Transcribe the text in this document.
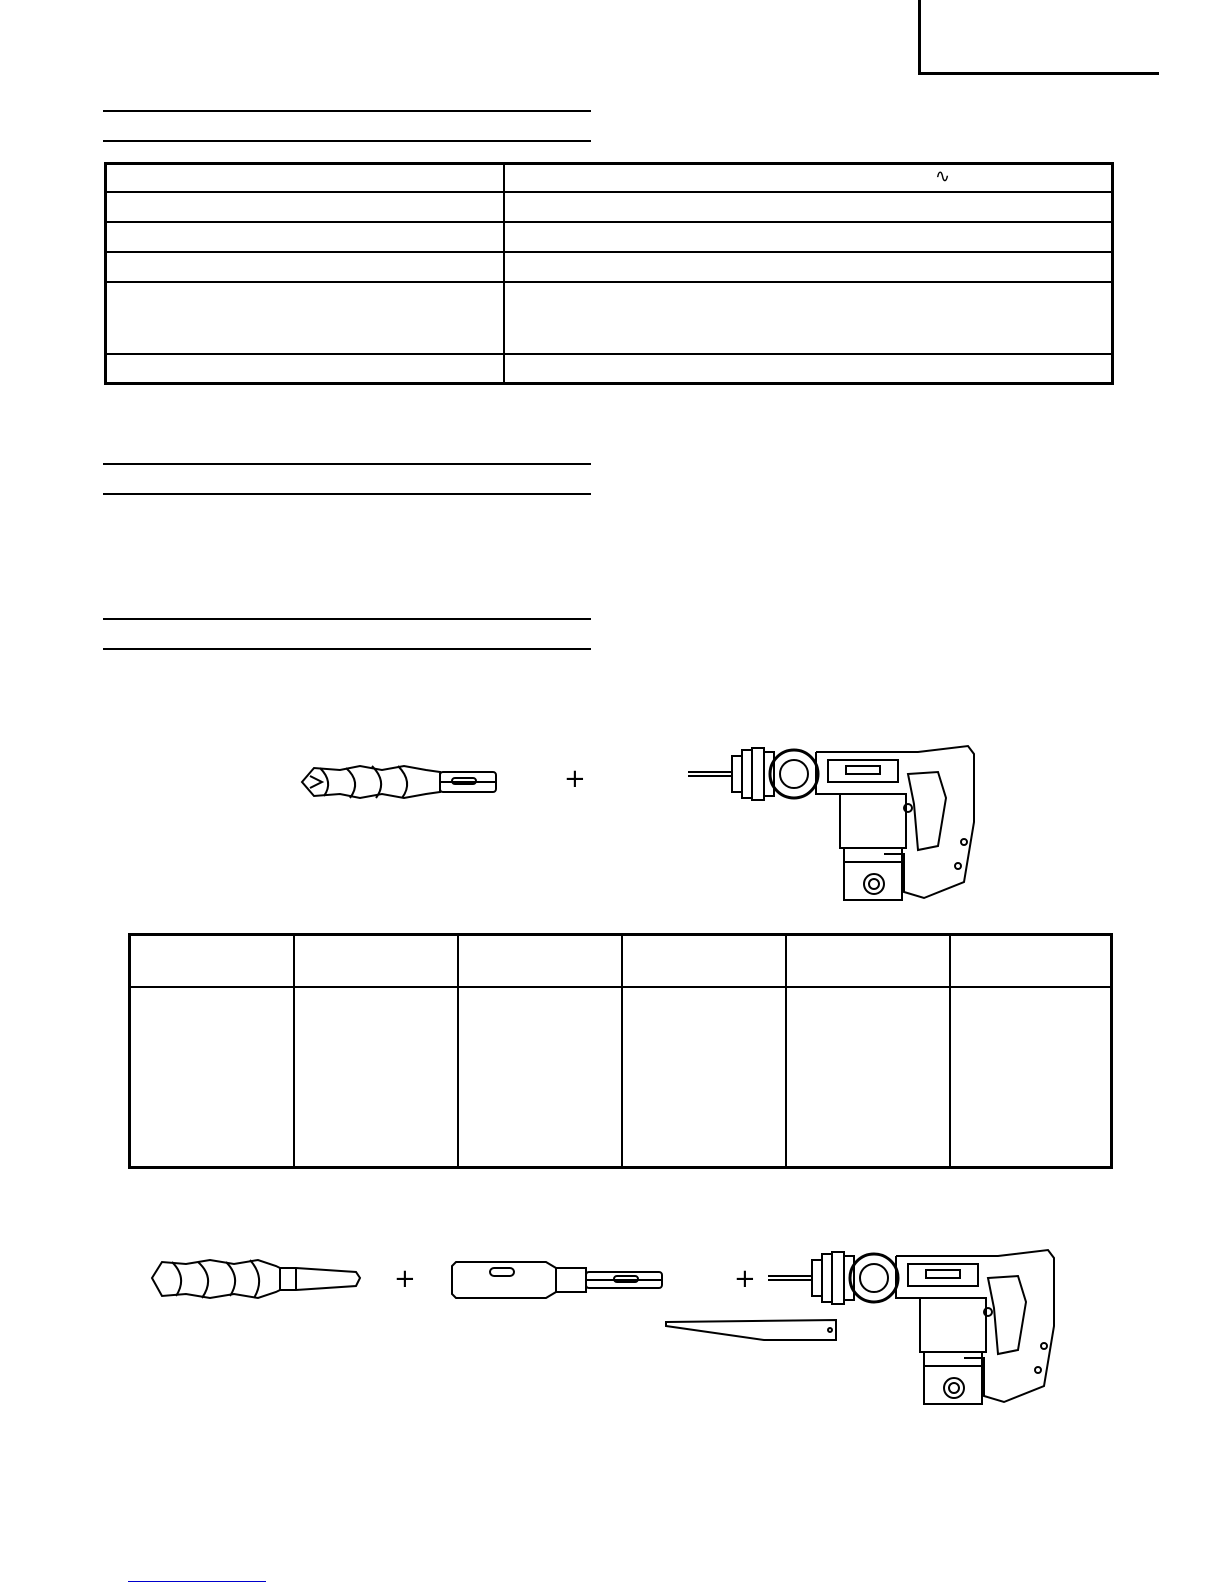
	∿

+

+	+
